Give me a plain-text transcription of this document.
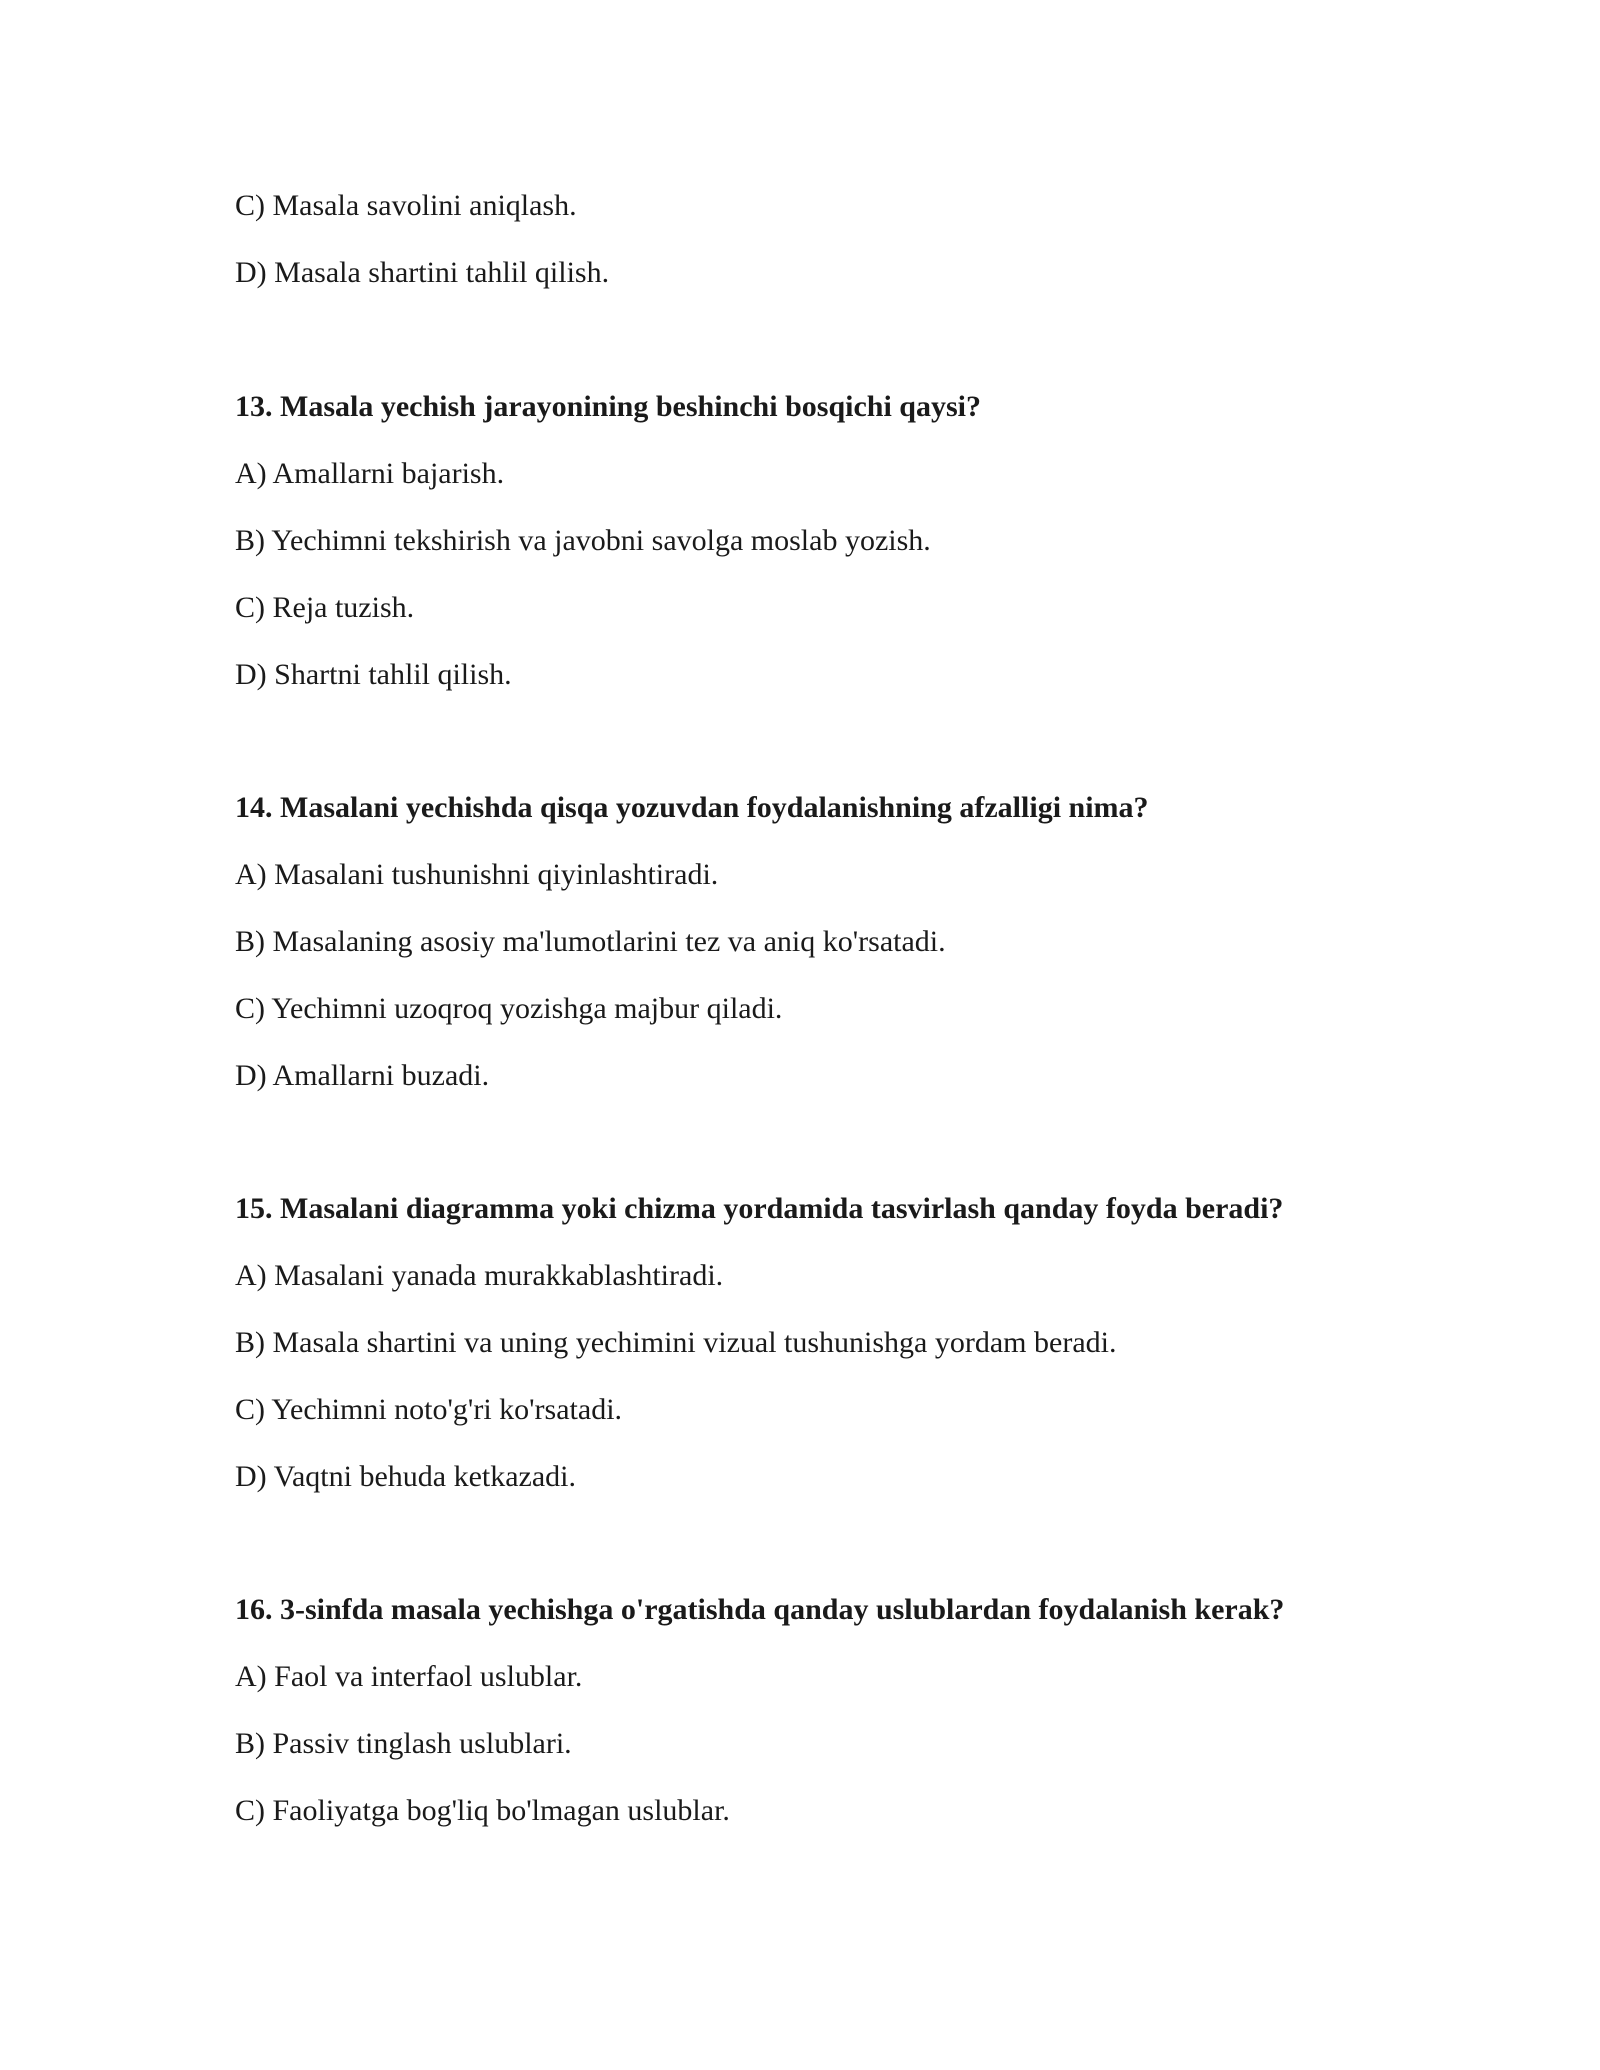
C) Masala savolini aniqlash.
D) Masala shartini tahlil qilish.
13. Masala yechish jarayonining beshinchi bosqichi qaysi?
A) Amallarni bajarish.
B) Yechimni tekshirish va javobni savolga moslab yozish.
C) Reja tuzish.
D) Shartni tahlil qilish.
14. Masalani yechishda qisqa yozuvdan foydalanishning afzalligi nima?
A) Masalani tushunishni qiyinlashtiradi.
B) Masalaning asosiy ma'lumotlarini tez va aniq ko'rsatadi.
C) Yechimni uzoqroq yozishga majbur qiladi.
D) Amallarni buzadi.
15. Masalani diagramma yoki chizma yordamida tasvirlash qanday foyda beradi?
A) Masalani yanada murakkablashtiradi.
B) Masala shartini va uning yechimini vizual tushunishga yordam beradi.
C) Yechimni noto'g'ri ko'rsatadi.
D) Vaqtni behuda ketkazadi.
16. 3-sinfda masala yechishga o'rgatishda qanday uslublardan foydalanish kerak?
A) Faol va interfaol uslublar.
B) Passiv tinglash uslublari.
C) Faoliyatga bog'liq bo'lmagan uslublar.
